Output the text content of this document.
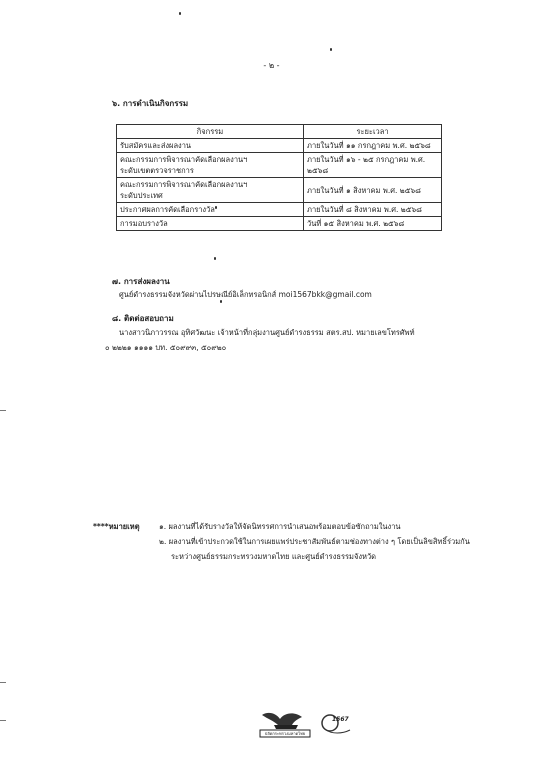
- ๒ -
๖. การดำเนินกิจกรรม
กิจกรรม	ระยะเวลา
รับสมัครและส่งผลงาน	ภายในวันที่ ๑๑ กรกฎาคม พ.ศ. ๒๕๖๘
คณะกรรมการพิจารณาคัดเลือกผลงานฯ
ระดับเขตตรวจราชการ	ภายในวันที่ ๑๖ - ๒๕ กรกฎาคม พ.ศ. ๒๕๖๘
คณะกรรมการพิจารณาคัดเลือกผลงานฯ
ระดับประเทศ	ภายในวันที่ ๑ สิงหาคม พ.ศ. ๒๕๖๘
ประกาศผลการคัดเลือกรางวัล	ภายในวันที่ ๘ สิงหาคม พ.ศ. ๒๕๖๘
การมอบรางวัล	วันที่ ๑๕ สิงหาคม พ.ศ. ๒๕๖๘
๗. การส่งผลงาน
ศูนย์ดำรงธรรมจังหวัดผ่านไปรษณีย์อิเล็กทรอนิกส์ moi1567bkk@gmail.com
๘. ติดต่อสอบถาม
นางสาวนิภาวรรณ อุทิศวัฒนะ เจ้าหน้าที่กลุ่มงานศูนย์ดำรงธรรม สตร.สป. หมายเลขโทรศัพท์
๐ ๒๒๒๑ ๑๑๑๑ บท. ๕๐๙๙๓, ๕๐๙๒๐
****หมายเหตุ	๑. ผลงานที่ได้รับรางวัลให้จัดนิทรรศการนำเสนอพร้อมตอบข้อซักถามในงาน
๒. ผลงานที่เข้าประกวดใช้ในการเผยแพร่ประชาสัมพันธ์ตามช่องทางต่าง ๆ โดยเป็นลิขสิทธิ์ร่วมกัน
ระหว่างศูนย์ธรรมกระทรวงมหาดไทย และศูนย์ดำรงธรรมจังหวัด
ปลัดกระทรวงมหาดไทย
1567
